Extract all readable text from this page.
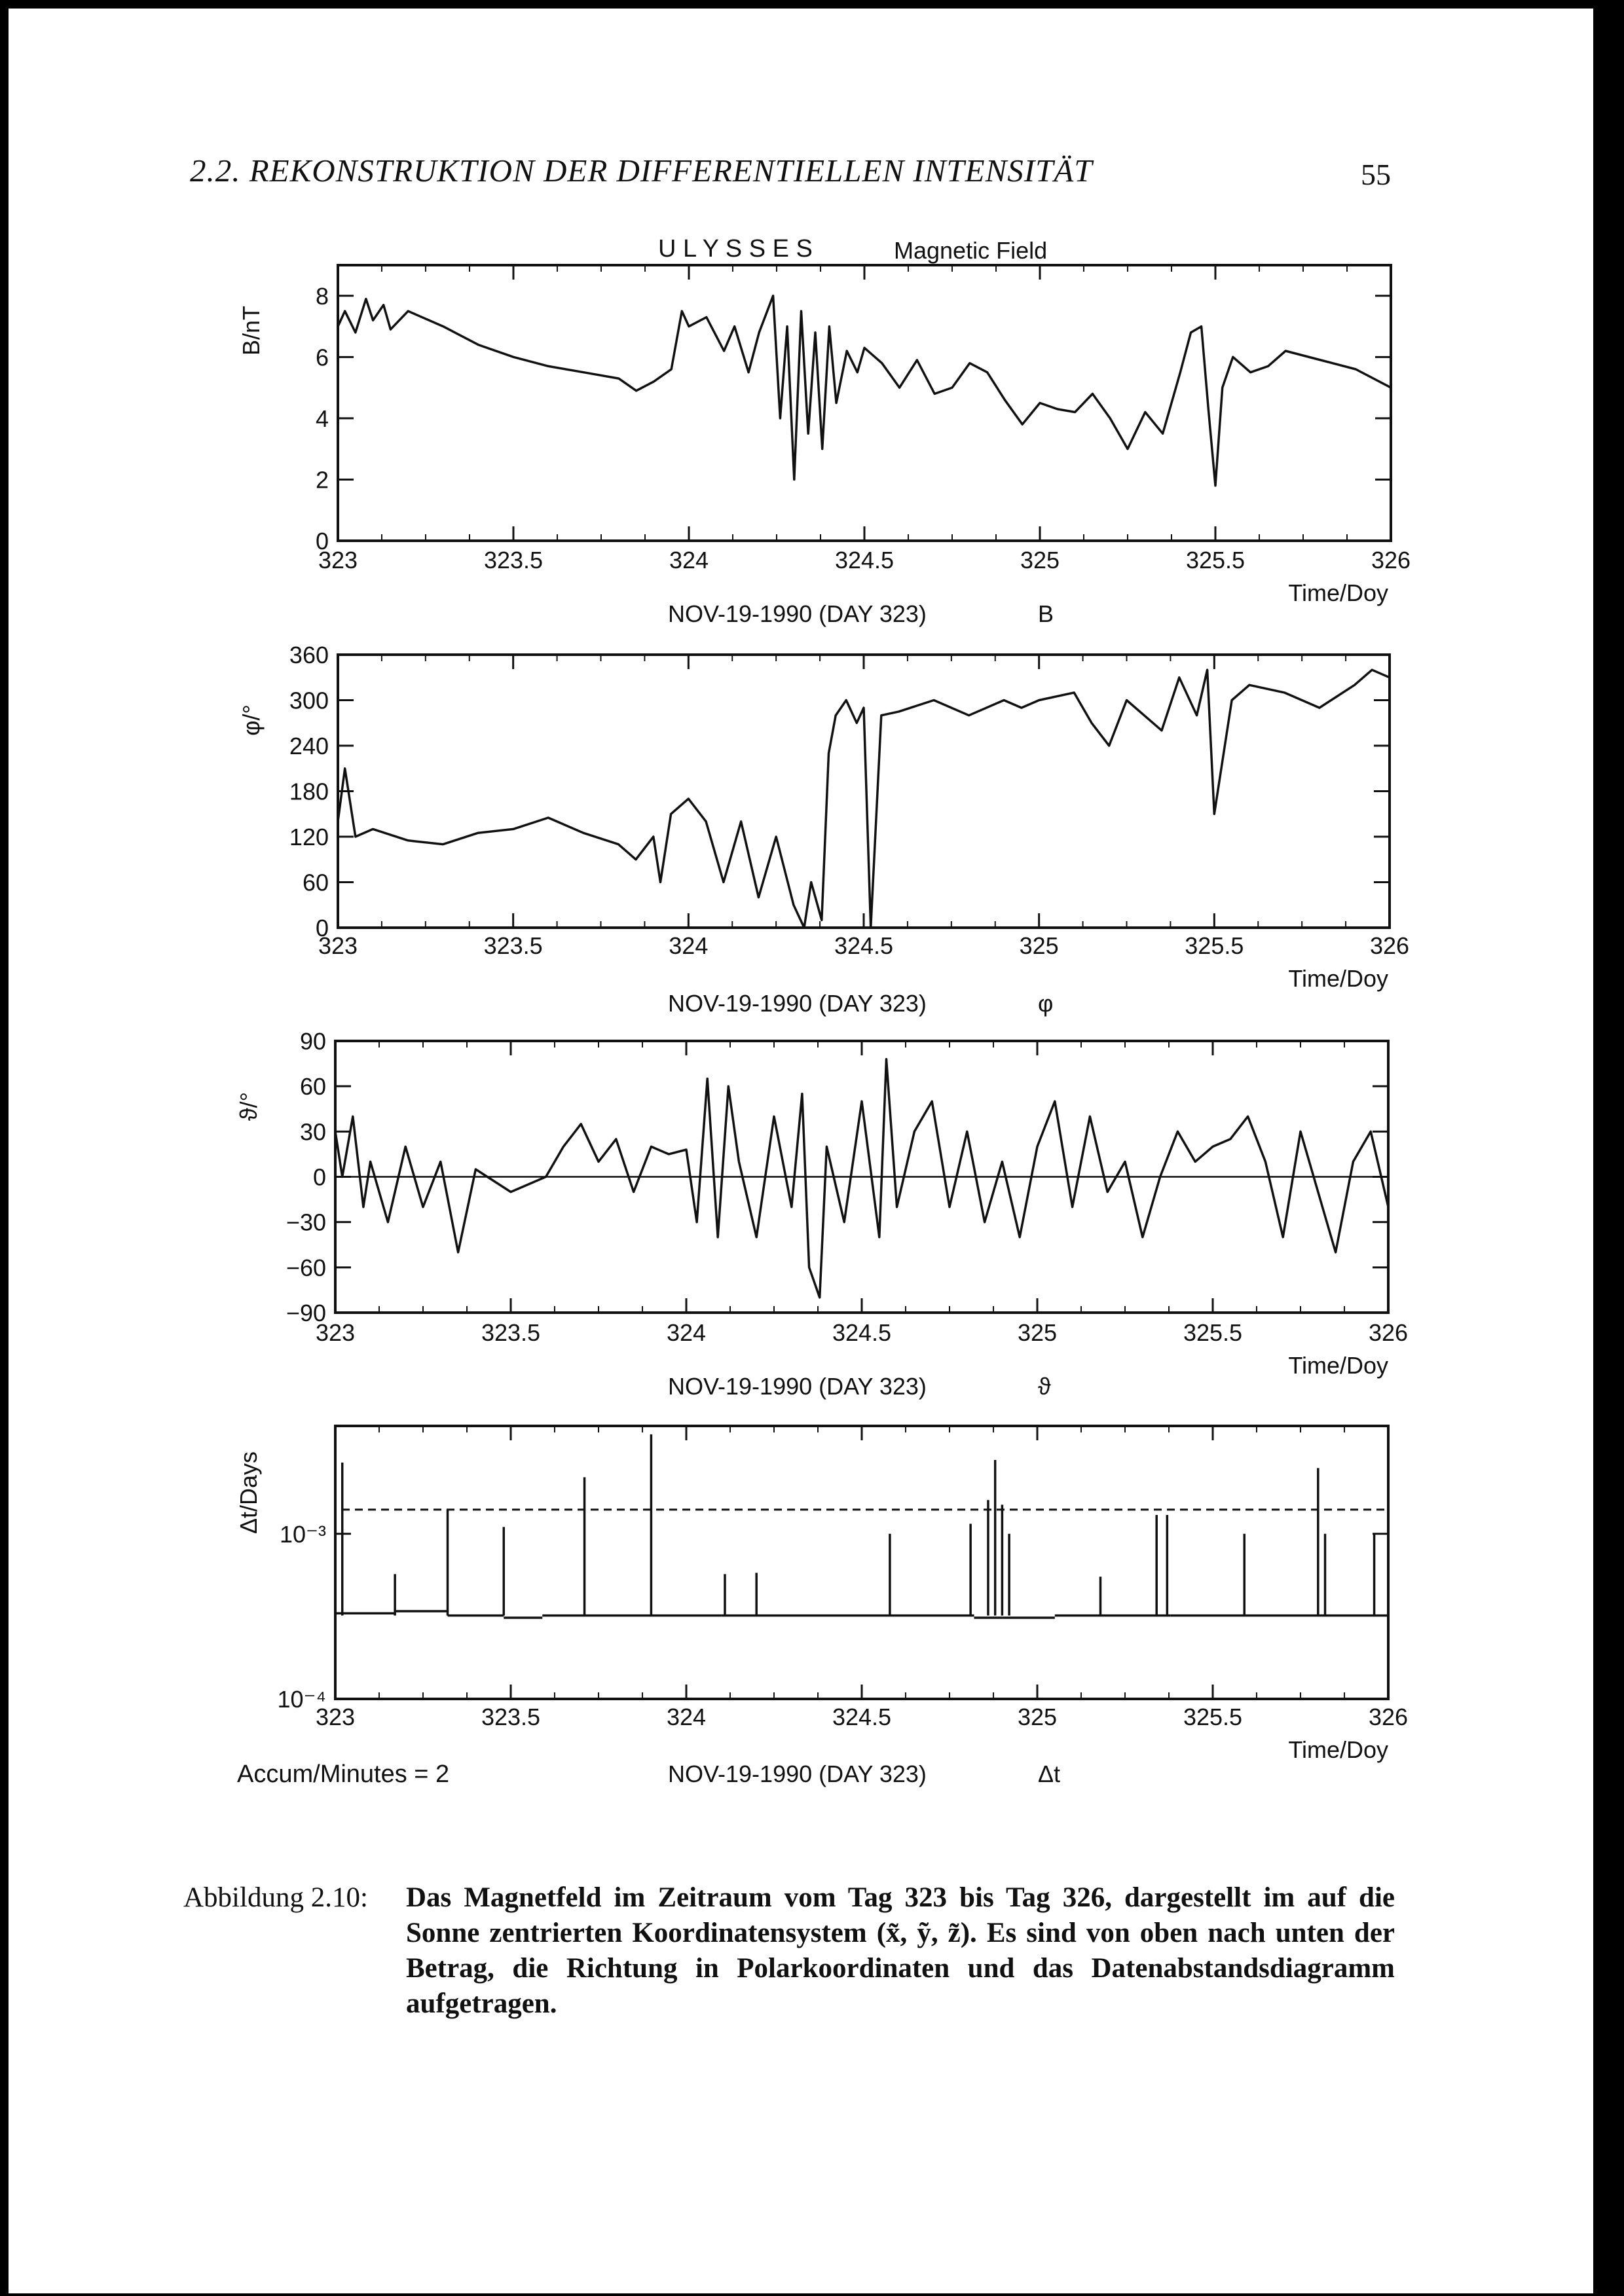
2.2. REKONSTRUKTION DER DIFFERENTIELLEN INTENSITÄT	55
U L Y S S E S	Magnetic Field
Accum/Minutes = 2
323	323.5	324	324.5	325	325.5	326
0
2
4
6
8
B/nT
Time/Doy
NOV-19-1990 (DAY 323)	B
323	323.5	324	324.5	325	325.5	326
0
60
120
180
240
300
360
φ/°
Time/Doy
NOV-19-1990 (DAY 323)	φ
323	323.5	324	324.5	325	325.5	326
−90
−60
−30
0
30
60
90
ϑ/°
Time/Doy
NOV-19-1990 (DAY 323)	ϑ
323	323.5	324	324.5	325	325.5	326
10⁻⁴
10⁻³
Δt/Days
Time/Doy
NOV-19-1990 (DAY 323)	Δt
Abbildung 2.10: Das Magnetfeld im Zeitraum vom Tag 323 bis Tag 326, dargestellt im auf die Sonne zentrierten Koordinatensystem (x̃, ỹ, z̃). Es sind von oben nach unten der Betrag, die Richtung in Polarkoordinaten und das Datenabstandsdiagramm aufgetragen.
